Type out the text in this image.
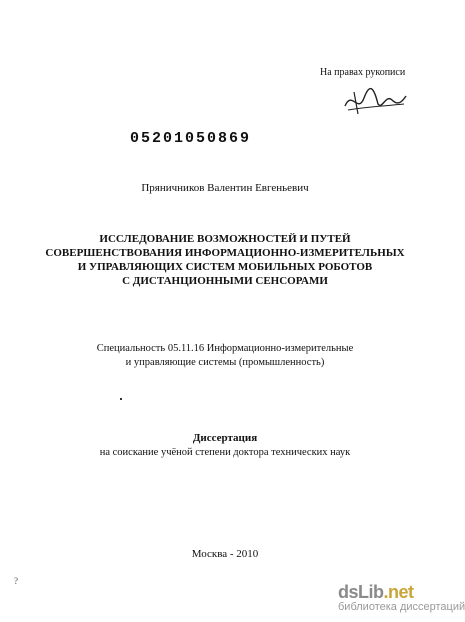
На правах рукописи
05201050869
Пряничников Валентин Евгеньевич
ИССЛЕДОВАНИЕ ВОЗМОЖНОСТЕЙ И ПУТЕЙ
СОВЕРШЕНСТВОВАНИЯ ИНФОРМАЦИОННО-ИЗМЕРИТЕЛЬНЫХ
И УПРАВЛЯЮЩИХ СИСТЕМ МОБИЛЬНЫХ РОБОТОВ
С ДИСТАНЦИОННЫМИ СЕНСОРАМИ
Специальность 05.11.16 Информационно-измерительные
и управляющие системы (промышленность)
Диссертация
на соискание учёной степени доктора технических наук
Москва - 2010
?
dsLib.net
библиотека диссертаций
